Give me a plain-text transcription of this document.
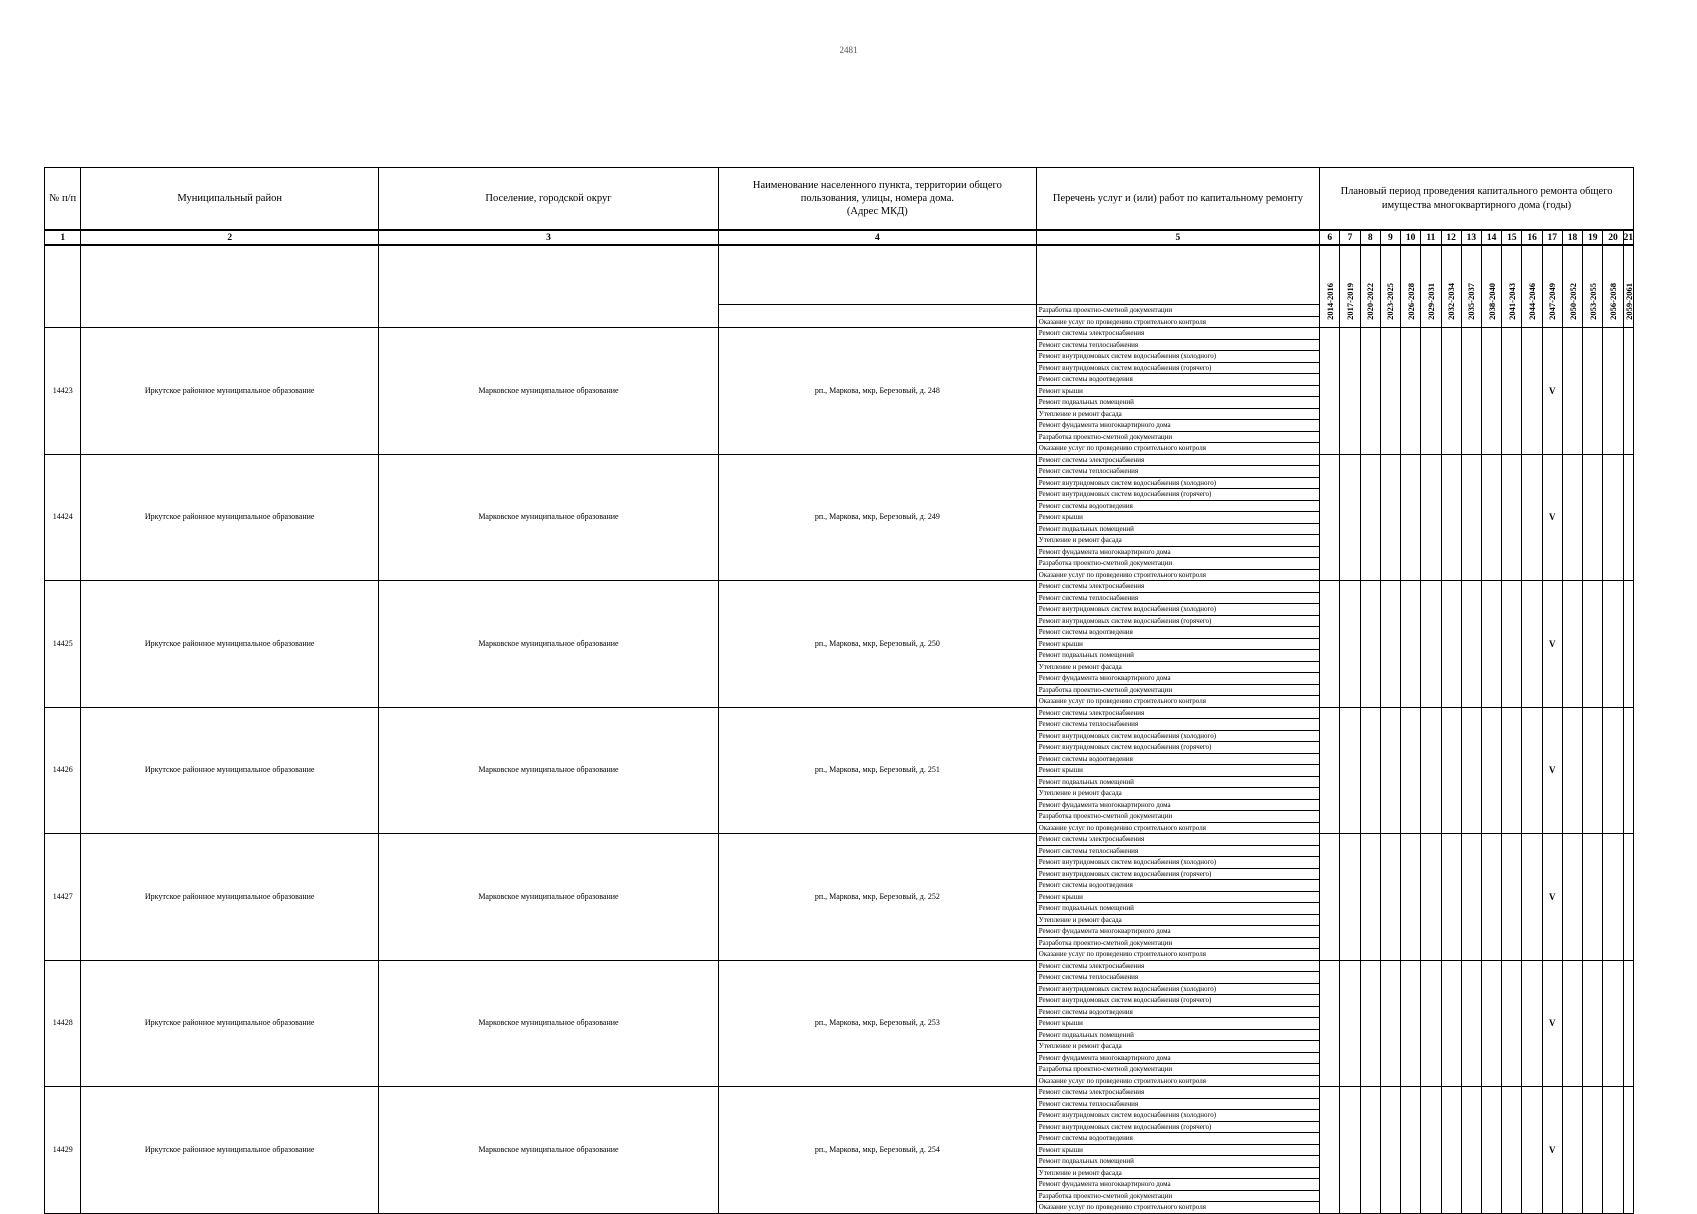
2481
№ п/п	Муниципальный район	Поселение, городской округ	Наименование населенного пункта, территории общего
пользования, улицы, номера дома.
(Адрес МКД)	Перечень услуг и (или) работ по капитальному ремонту	Плановый период проведения капитального ремонта общего имущества многоквартирного дома (годы)															
1	2	3	4	5	6	7	8	9	10	11	12	13	14	15	16	17	18	19	20	21
					2014-2016	2017-2019	2020-2022	2023-2025	2026-2028	2029-2031	2032-2034	2035-2037	2038-2040	2041-2043	2044-2046	2047-2049	2050-2052	2053-2055	2056-2058	2059-2061
				Разработка проектно-сметной документации																
				Оказание услуг по проведению строительного контроля																
14423	Иркутское районное муниципальное образование	Марковское муниципальное образование	рп., Маркова, мкр, Березовый, д. 248	Ремонт системы электроснабжения												V				
				Ремонт системы теплоснабжения																
				Ремонт внутридомовых систем водоснабжения (холодного)																
				Ремонт внутридомовых систем водоснабжения (горячего)																
				Ремонт системы водоотведения																
				Ремонт крыши																
				Ремонт подвальных помещений																
				Утепление и ремонт фасада																
				Ремонт фундамента многоквартирного дома																
				Разработка проектно-сметной документации																
				Оказание услуг по проведению строительного контроля																
14424	Иркутское районное муниципальное образование	Марковское муниципальное образование	рп., Маркова, мкр, Березовый, д. 249	Ремонт системы электроснабжения												V				
				Ремонт системы теплоснабжения																
				Ремонт внутридомовых систем водоснабжения (холодного)																
				Ремонт внутридомовых систем водоснабжения (горячего)																
				Ремонт системы водоотведения																
				Ремонт крыши																
				Ремонт подвальных помещений																
				Утепление и ремонт фасада																
				Ремонт фундамента многоквартирного дома																
				Разработка проектно-сметной документации																
				Оказание услуг по проведению строительного контроля																
14425	Иркутское районное муниципальное образование	Марковское муниципальное образование	рп., Маркова, мкр, Березовый, д. 250	Ремонт системы электроснабжения												V				
				Ремонт системы теплоснабжения																
				Ремонт внутридомовых систем водоснабжения (холодного)																
				Ремонт внутридомовых систем водоснабжения (горячего)																
				Ремонт системы водоотведения																
				Ремонт крыши																
				Ремонт подвальных помещений																
				Утепление и ремонт фасада																
				Ремонт фундамента многоквартирного дома																
				Разработка проектно-сметной документации																
				Оказание услуг по проведению строительного контроля																
14426	Иркутское районное муниципальное образование	Марковское муниципальное образование	рп., Маркова, мкр, Березовый, д. 251	Ремонт системы электроснабжения												V				
				Ремонт системы теплоснабжения																
				Ремонт внутридомовых систем водоснабжения (холодного)																
				Ремонт внутридомовых систем водоснабжения (горячего)																
				Ремонт системы водоотведения																
				Ремонт крыши																
				Ремонт подвальных помещений																
				Утепление и ремонт фасада																
				Ремонт фундамента многоквартирного дома																
				Разработка проектно-сметной документации																
				Оказание услуг по проведению строительного контроля																
14427	Иркутское районное муниципальное образование	Марковское муниципальное образование	рп., Маркова, мкр, Березовый, д. 252	Ремонт системы электроснабжения												V				
				Ремонт системы теплоснабжения																
				Ремонт внутридомовых систем водоснабжения (холодного)																
				Ремонт внутридомовых систем водоснабжения (горячего)																
				Ремонт системы водоотведения																
				Ремонт крыши																
				Ремонт подвальных помещений																
				Утепление и ремонт фасада																
				Ремонт фундамента многоквартирного дома																
				Разработка проектно-сметной документации																
				Оказание услуг по проведению строительного контроля																
14428	Иркутское районное муниципальное образование	Марковское муниципальное образование	рп., Маркова, мкр, Березовый, д. 253	Ремонт системы электроснабжения												V				
				Ремонт системы теплоснабжения																
				Ремонт внутридомовых систем водоснабжения (холодного)																
				Ремонт внутридомовых систем водоснабжения (горячего)																
				Ремонт системы водоотведения																
				Ремонт крыши																
				Ремонт подвальных помещений																
				Утепление и ремонт фасада																
				Ремонт фундамента многоквартирного дома																
				Разработка проектно-сметной документации																
				Оказание услуг по проведению строительного контроля																
14429	Иркутское районное муниципальное образование	Марковское муниципальное образование	рп., Маркова, мкр, Березовый, д. 254	Ремонт системы электроснабжения												V				
				Ремонт системы теплоснабжения																
				Ремонт внутридомовых систем водоснабжения (холодного)																
				Ремонт внутридомовых систем водоснабжения (горячего)																
				Ремонт системы водоотведения																
				Ремонт крыши																
				Ремонт подвальных помещений																
				Утепление и ремонт фасада																
				Ремонт фундамента многоквартирного дома																
				Разработка проектно-сметной документации																
				Оказание услуг по проведению строительного контроля																
